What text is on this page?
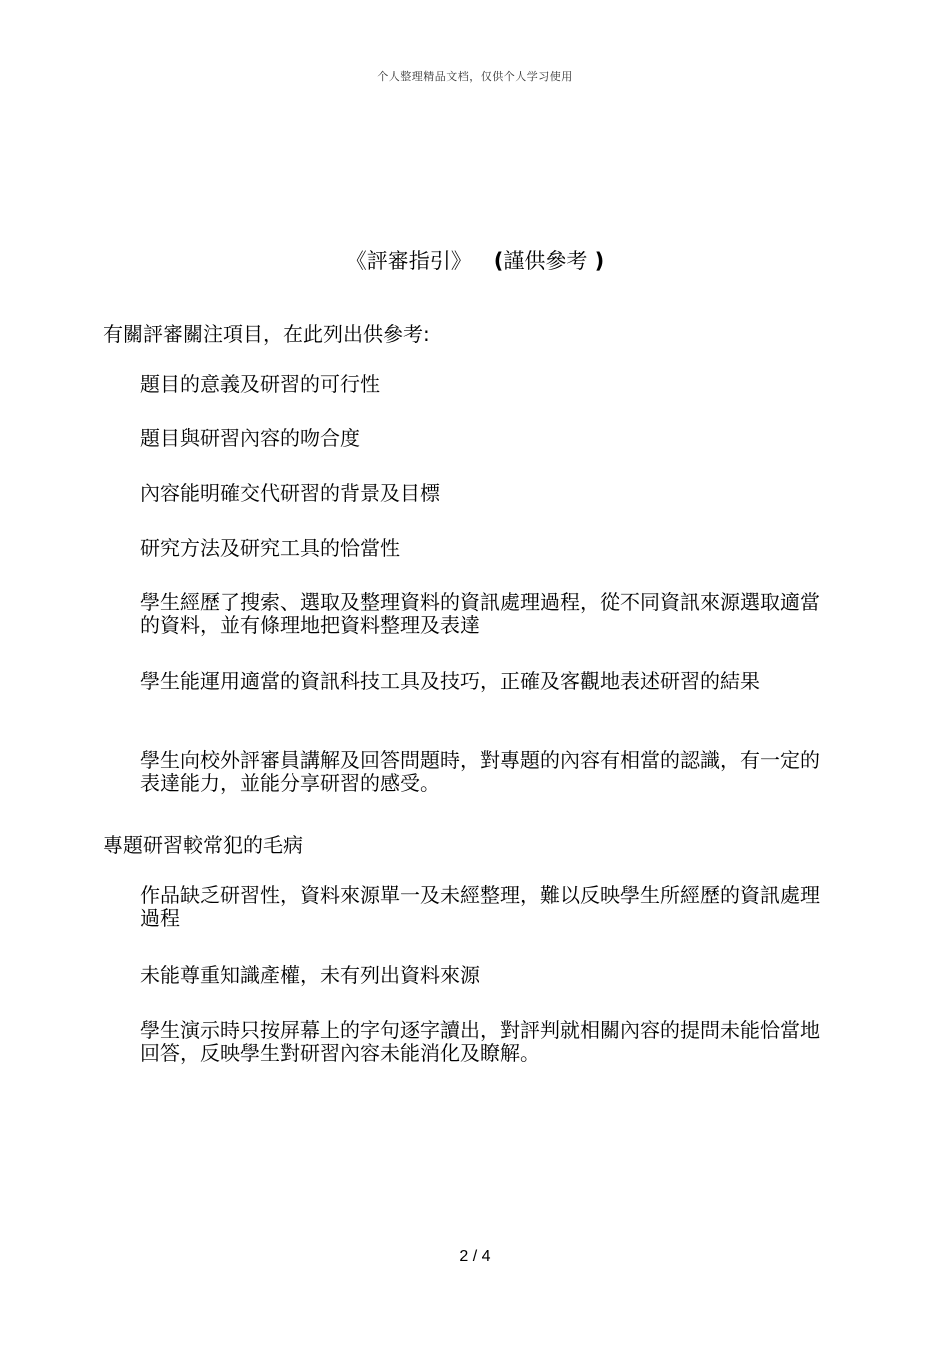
个人整理精品文档，仅供个人学习使用
《評審指引》 (謹供參考 )
有關評審關注項目，在此列出供參考:
題目的意義及研習的可行性
題目與研習內容的吻合度
內容能明確交代研習的背景及目標
研究方法及研究工具的恰當性
學生經歷了搜索、選取及整理資料的資訊處理過程，從不同資訊來源選取適當的資料，並有條理地把資料整理及表達
學生能運用適當的資訊科技工具及技巧，正確及客觀地表述研習的結果
學生向校外評審員講解及回答問題時，對專題的內容有相當的認識，有一定的表達能力，並能分享研習的感受。
專題研習較常犯的毛病
作品缺乏研習性，資料來源單一及未經整理，難以反映學生所經歷的資訊處理過程
未能尊重知識產權，未有列出資料來源
學生演示時只按屏幕上的字句逐字讀出，對評判就相關內容的提問未能恰當地回答，反映學生對研習內容未能消化及瞭解。
2 / 4
